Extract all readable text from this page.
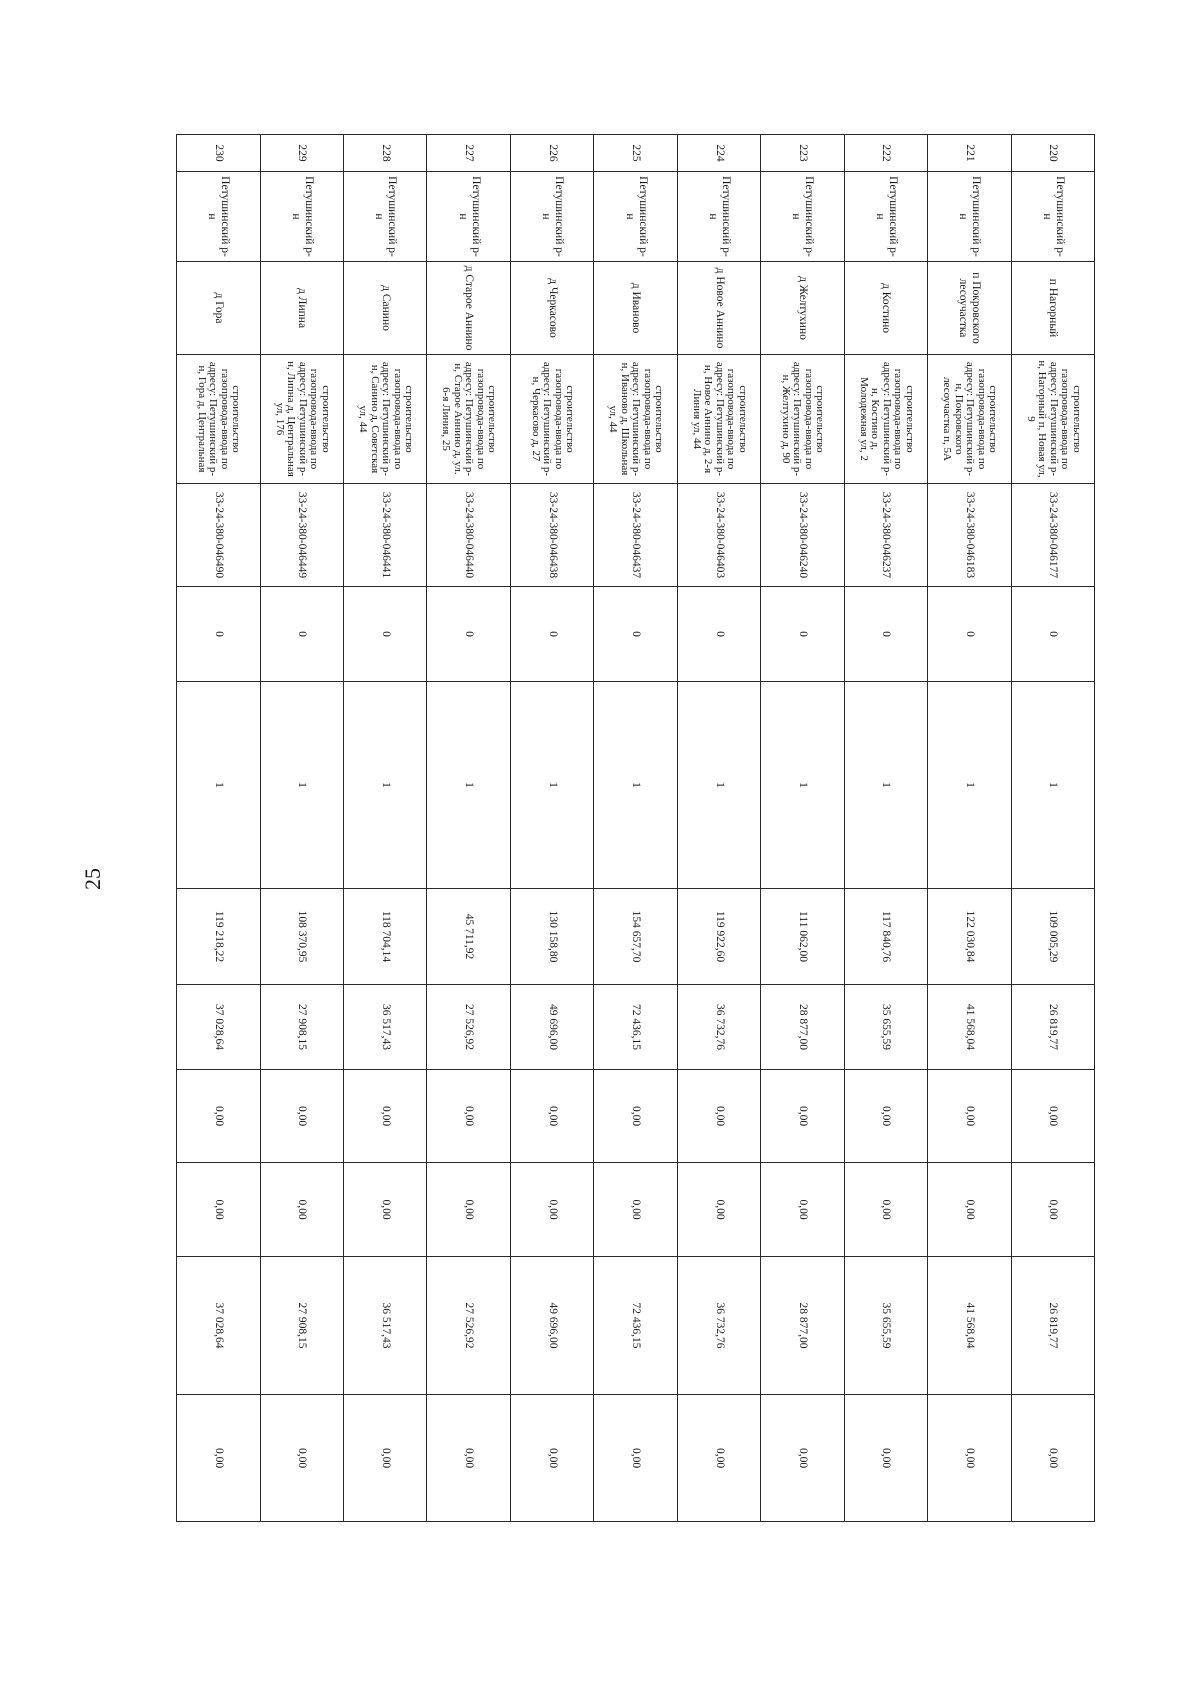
25
220	Петушинский р-н	п Нагорный	строительство газопровода-ввода по адресу: Петушинский р-н, Нагорный п, Новая ул, 9	33-24-380-046177	0	1	109 005,29	26 819,77	0,00	0,00	26 819,77	0,00
221	Петушинский р-н	п Покровского лесоучастка	строительство газопровода-ввода по адресу: Петушинский р-н, Покровского лесоучастка п, 5А	33-24-380-046183	0	1	122 030,84	41 568,04	0,00	0,00	41 568,04	0,00
222	Петушинский р-н	д Костино	строительство газопровода-ввода по адресу: Петушинский р-н, Костино д, Молодежная ул, 2	33-24-380-046237	0	1	117 840,76	35 655,59	0,00	0,00	35 655,59	0,00
223	Петушинский р-н	д Желтухино	строительство газопровода-ввода по адресу: Петушинский р-н, Желтухино д, 90	33-24-380-046240	0	1	111 062,00	28 877,00	0,00	0,00	28 877,00	0,00
224	Петушинский р-н	д Новое Аннино	строительство газопровода-ввода по адресу: Петушинский р-н, Новое Аннино д, 2-я Линия ул, 44	33-24-380-046403	0	1	119 922,60	36 732,76	0,00	0,00	36 732,76	0,00
225	Петушинский р-н	д Иваново	строительство газопровода-ввода по адресу: Петушинский р-н, Иваново д, Школьная ул, 44	33-24-380-046437	0	1	154 657,70	72 436,15	0,00	0,00	72 436,15	0,00
226	Петушинский р-н	д Черкасово	строительство газопровода-ввода по адресу: Петушинский р-н, Черкасово д, 27	33-24-380-046438	0	1	130 158,80	49 696,00	0,00	0,00	49 696,00	0,00
227	Петушинский р-н	д Старое Аннино	строительство газопровода-ввода по адресу: Петушинский р-н, Старое Аннино д, ул. 6-я Линия, 25	33-24-380-046440	0	1	45 711,92	27 526,92	0,00	0,00	27 526,92	0,00
228	Петушинский р-н	д Санино	строительство газопровода-ввода по адресу: Петушинский р-н, Санино д, Советская ул, 44	33-24-380-046441	0	1	118 704,14	36 517,43	0,00	0,00	36 517,43	0,00
229	Петушинский р-н	д Липна	строительство газопровода-ввода по адресу: Петушинский р-н, Липна д, Центральная ул, 176	33-24-380-046449	0	1	108 370,95	27 908,15	0,00	0,00	27 908,15	0,00
230	Петушинский р-н	д Гора	строительство газопровода-ввода по адресу: Петушинский р-н, Гора д, Центральная	33-24-380-046490	0	1	119 218,22	37 028,64	0,00	0,00	37 028,64	0,00
